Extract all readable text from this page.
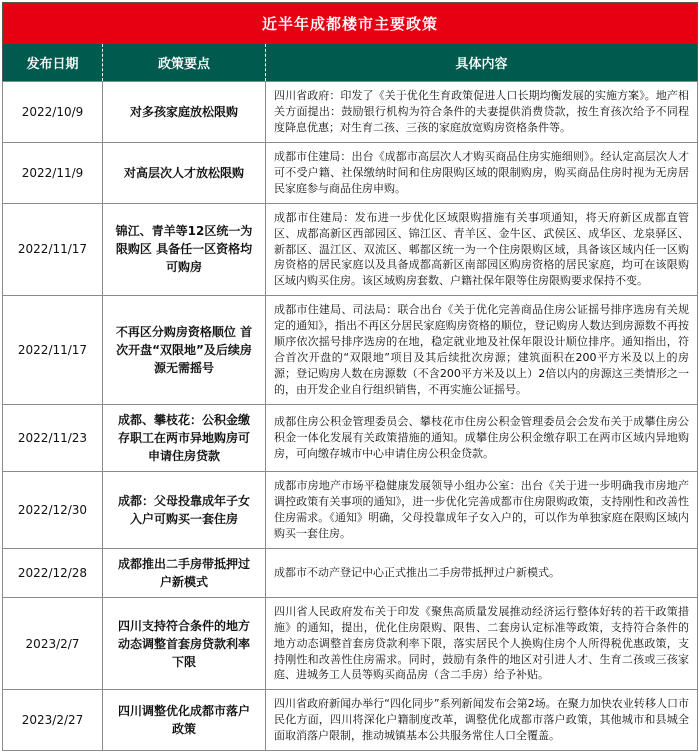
近半年成都楼市主要政策		
发布日期	政策要点	具体内容
2022/10/9	对多孩家庭放松限购	四川省政府：印发了《关于优化生育政策促进人口长期均衡发展的实施方案》。地产相关方面提出：鼓励银行机构为符合条件的夫妻提供消费贷款，按生育孩次给予不同程度降息优惠；对生育二孩、三孩的家庭放宽购房资格条件等。
2022/11/9	对高层次人才放松限购	成都市住建局：出台《成都市高层次人才购买商品住房实施细则》。经认定高层次人才可不受户籍、社保缴纳时间和住房限购区域的限制购房，购买商品住房时视为无房居民家庭参与商品住房申购。
2022/11/17	锦江、青羊等12区统一为限购区 具备任一区资格均可购房	成都市住建局：发布进一步优化区域限购措施有关事项通知，将天府新区成都直管区、成都高新区西部园区、锦江区、青羊区、金牛区、武侯区、成华区、龙泉驿区、新都区、温江区、双流区、郫都区统一为一个住房限购区域，具备该区域内任一区购房资格的居民家庭以及具备成都高新区南部园区购房资格的居民家庭，均可在该限购区域内购买住房。该区域购房套数、户籍社保年限等住房限购要求保持不变。
2022/11/17	不再区分购房资格顺位 首次开盘“双限地”及后续房源无需摇号	成都市住建局、司法局：联合出台《关于优化完善商品住房公证摇号排序选房有关规定的通知》，指出不再区分居民家庭购房资格的顺位，登记购房人数达到房源数不再按顺序依次摇号排序选房的在地，稳定就业地及社保年限设计顺位排序。通知指出，符合首次开盘的“双限地”项目及其后续批次房源；建筑面积在200平方米及以上的房源；登记购房人数在房源数（不含200平方米及以上）2倍以内的房源这三类情形之一的，由开发企业自行组织销售，不再实施公证摇号。
2022/11/23	成都、攀枝花：公积金缴存职工在两市异地购房可申请住房贷款	成都住房公积金管理委员会、攀枝花市住房公积金管理委员会会发布关于成攀住房公积金一体化发展有关政策措施的通知。成攀住房公积金缴存职工在两市区域内异地购房，可向缴存城市中心申请住房公积金贷款。
2022/12/30	成都：父母投靠成年子女入户可购买一套住房	成都市房地产市场平稳健康发展领导小组办公室：出台《关于进一步明确我市房地产调控政策有关事项的通知》，进一步优化完善成都市住房限购政策，支持刚性和改善性住房需求。《通知》明确，父母投靠成年子女入户的，可以作为单独家庭在限购区域内购买一套住房。
2022/12/28	成都推出二手房带抵押过户新模式	成都市不动产登记中心正式推出二手房带抵押过户新模式。
2023/2/7	四川支持符合条件的地方动态调整首套房贷款利率下限	四川省人民政府发布关于印发《聚焦高质量发展推动经济运行整体好转的若干政策措施》的通知，提出，优化住房限购、限售、二套房认定标准等政策，支持符合条件的地方动态调整首套房贷款利率下限，落实居民个人换购住房个人所得税优惠政策，支持刚性和改善性住房需求。同时，鼓励有条件的地区对引进人才、生育二孩或三孩家庭、进城务工人员等购买商品房（含二手房）给予补贴。
2023/2/27	四川调整优化成都市落户政策	四川省政府新闻办举行“四化同步”系列新闻发布会第2场。在聚力加快农业转移人口市民化方面，四川将深化户籍制度改革，调整优化成都市落户政策，其他城市和县城全面取消落户限制，推动城镇基本公共服务常住人口全覆盖。
